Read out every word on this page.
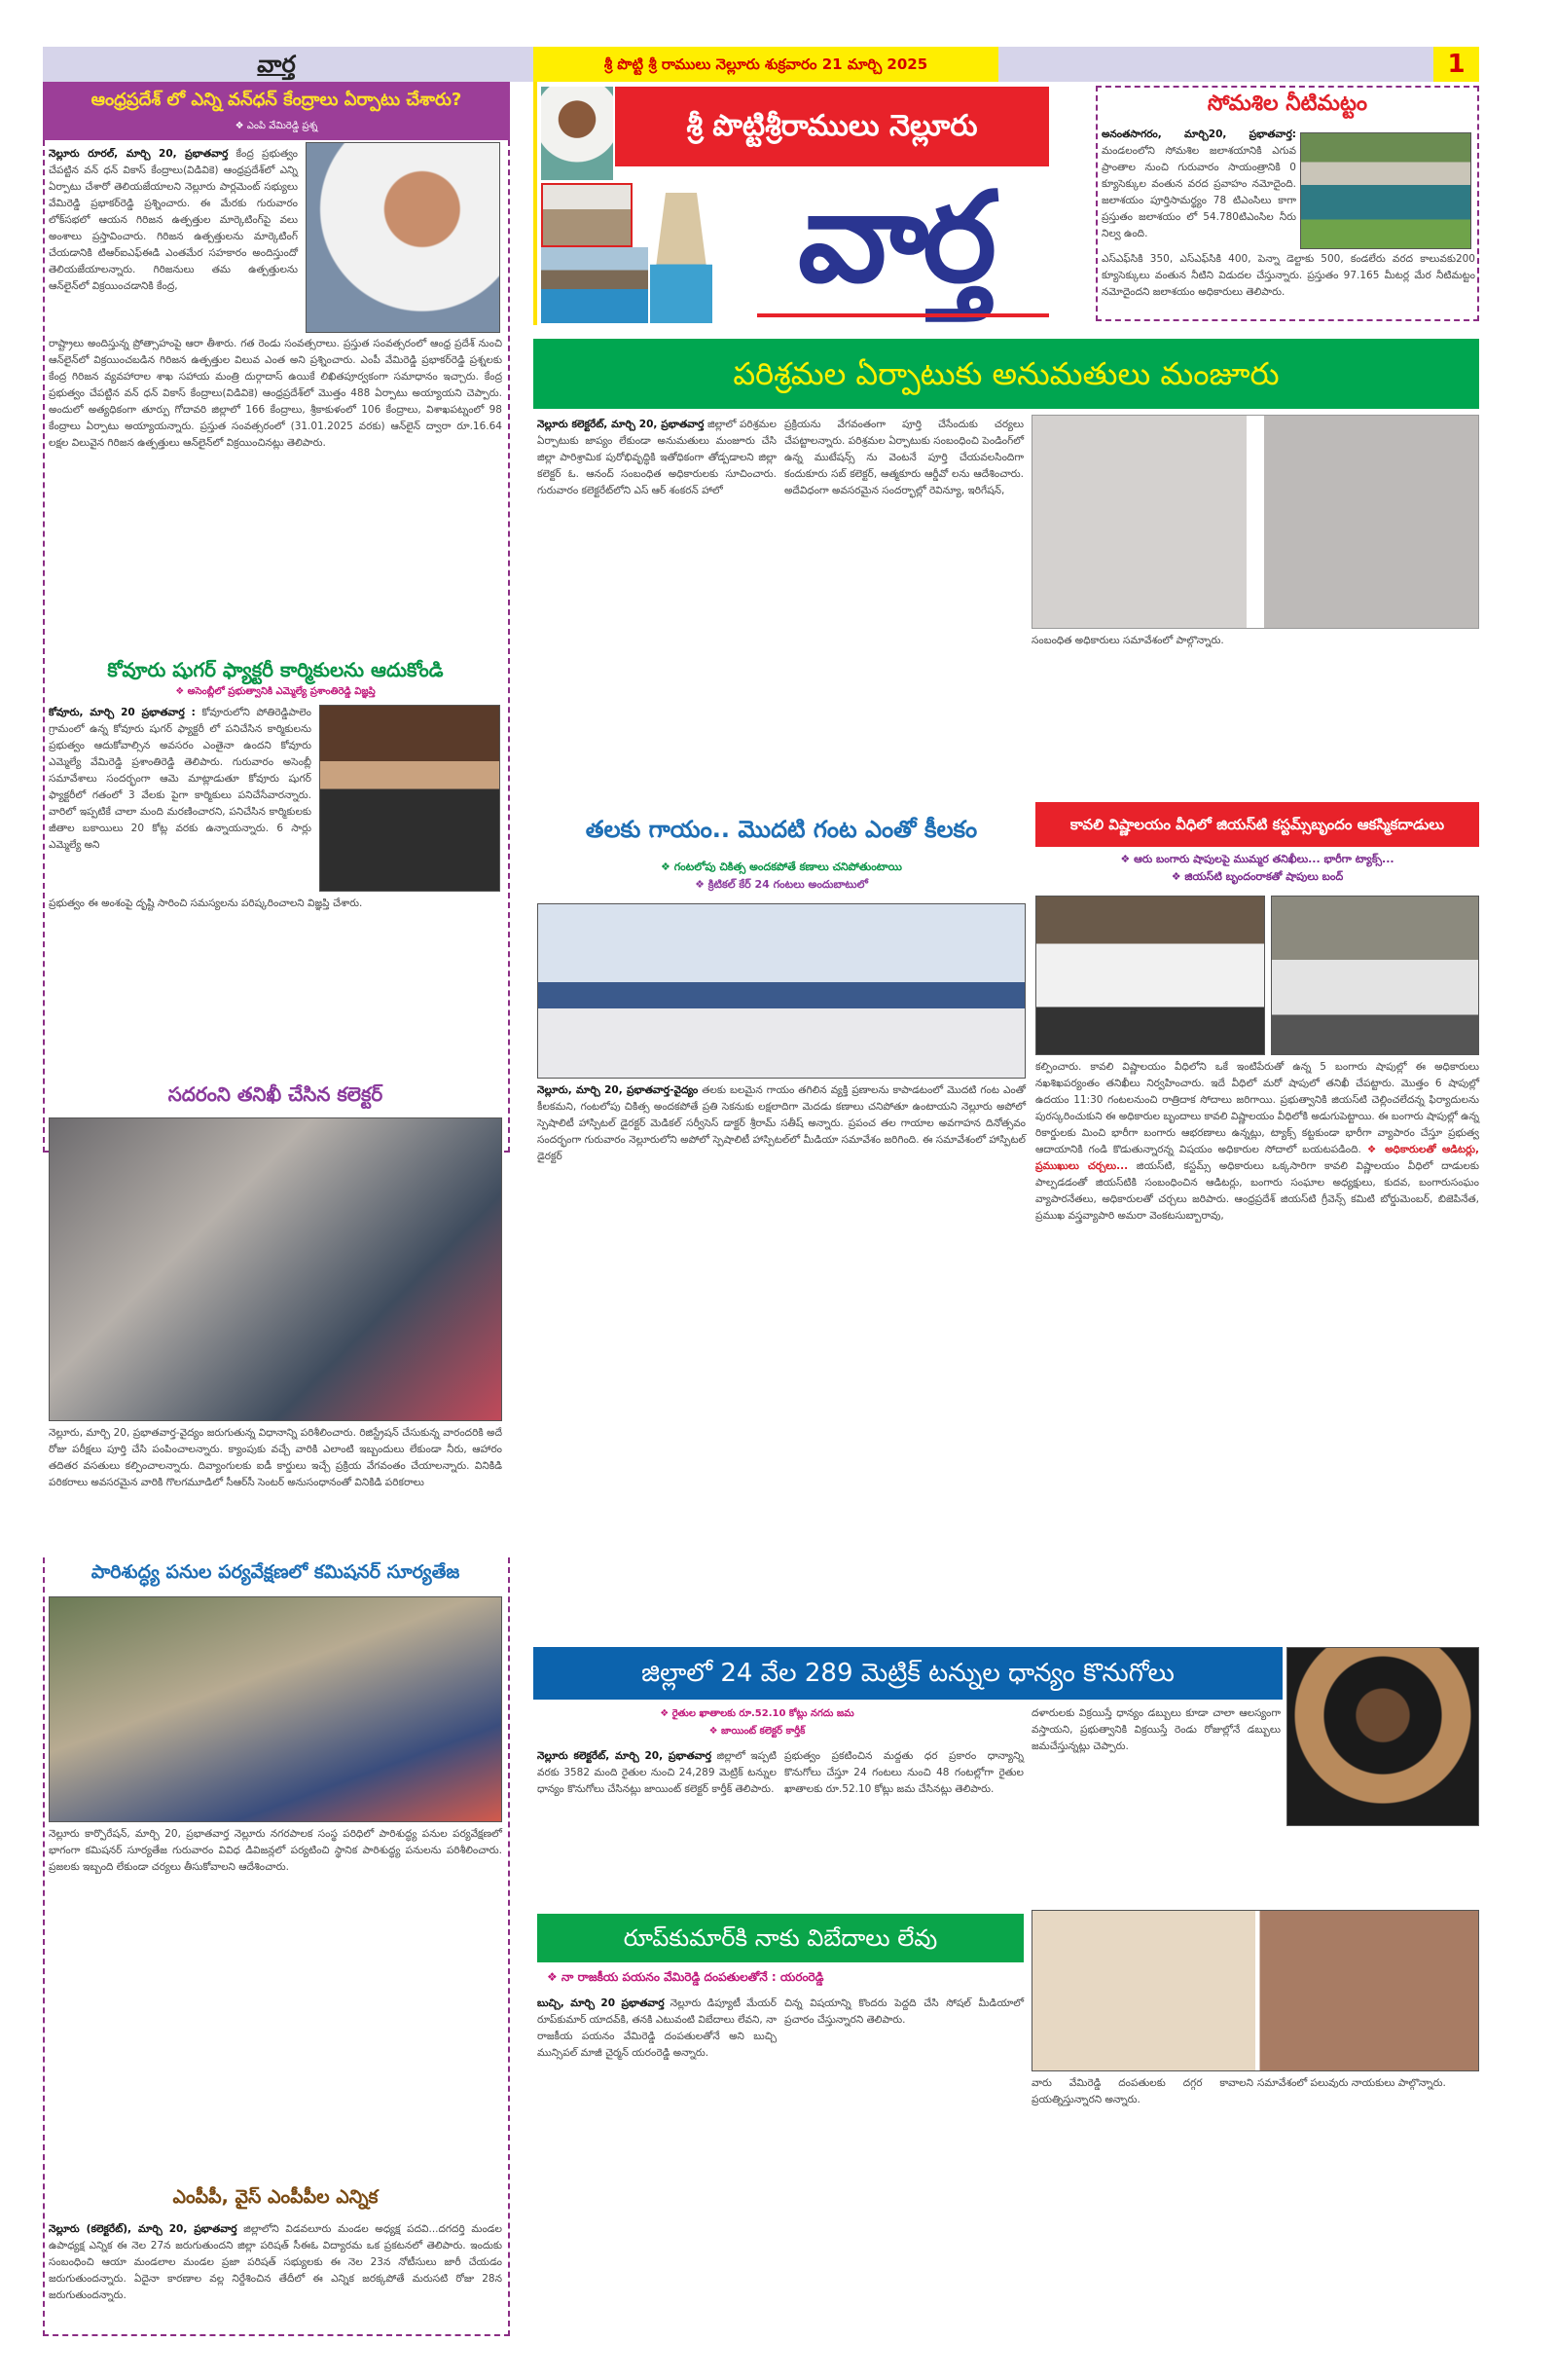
వార్త	శ్రీ పొట్టి శ్రీ రాములు నెల్లూరు శుక్రవారం 21 మార్చి 2025	1
శ్రీ పొట్టిశ్రీరాములు నెల్లూరు
వార్త
ఆంధ్రప్రదేశ్ లో ఎన్ని వన్‌ధన్ కేంద్రాలు ఏర్పాటు చేశారు?
❖ ఎంపి వేమిరెడ్డి ప్రశ్న
నెల్లూరు రూరల్, మార్చి 20, ప్రభాతవార్త కేంద్ర ప్రభుత్వం చేపట్టిన వన్ ధన్ వికాస్ కేంద్రాలు(విడివికె) ఆంధ్రప్రదేశ్‌లో ఎన్ని ఏర్పాటు చేశారో తెలియజేయాలని నెల్లూరు పార్లమెంట్ సభ్యులు వేమిరెడ్డి ప్రభాకర్‌రెడ్డి ప్రశ్నించారు. ఈ మేరకు గురువారం లోక్‌సభలో ఆయన గిరిజన ఉత్పత్తుల మార్కెటింగ్‌పై వలు అంశాలు ప్రస్తావించారు. గిరిజన ఉత్పత్తులను మార్కెటింగ్ చేయడానికి టిఆర్ఐఎఫ్ఈడి ఎంతమేర సహకారం అందిస్తుందో తెలియజేయాలన్నారు. గిరిజనులు తమ ఉత్పత్తులను ఆన్‌లైన్‌లో విక్రయించడానికి కేంద్ర,
రాష్ట్రాలు అందిస్తున్న ప్రోత్సాహంపై ఆరా తీశారు. గత రెండు సంవత్సరాలు. ప్రస్తుత సంవత్సరంలో ఆంధ్ర ప్రదేశ్ నుంచి ఆన్‌లైన్‌లో విక్రయించబడిన గిరిజన ఉత్పత్తుల విలువ ఎంత అని ప్రశ్నించారు. ఎంపీ వేమిరెడ్డి ప్రభాకర్‌రెడ్డి ప్రశ్నలకు కేంద్ర గిరిజన వ్యవహారాల శాఖ సహాయ మంత్రి దుర్గాదాస్ ఉయికే లిఖితపూర్వకంగా సమాధానం ఇచ్చారు. కేంద్ర ప్రభుత్వం చేపట్టిన వన్ ధన్ వికాస్ కేంద్రాలు(విడివికె) ఆంధ్రప్రదేశ్‌లో మొత్తం 488 ఏర్పాటు అయ్యాయని చెప్పారు. అందులో అత్యధికంగా తూర్పు గోదావరి జిల్లాలో 166 కేంద్రాలు, శ్రీకాకుళంలో 106 కేంద్రాలు, విశాఖపట్నంలో 98 కేంద్రాలు ఏర్పాటు అయ్యాయన్నారు. ప్రస్తుత సంవత్సరంలో (31.01.2025 వరకు) ఆన్‌లైన్ ద్వారా రూ.16.64 లక్షల విలువైన గిరిజన ఉత్పత్తులు ఆన్‌లైన్‌లో విక్రయించినట్లు తెలిపారు.
కోవూరు షుగర్ ఫ్యాక్టరీ కార్మికులను ఆదుకోండి
❖ అసెంబ్లీలో ప్రభుత్వానికి ఎమ్మెల్యే ప్రశాంతిరెడ్డి విజ్ఞప్తి
కోవూరు, మార్చి 20 ప్రభాతవార్త : కోవూరులోని పోతిరెడ్డిపాలెం గ్రామంలో ఉన్న కోవూరు షుగర్ ఫ్యాక్టరీ లో పనిచేసిన కార్మికులను ప్రభుత్వం ఆదుకోవాల్సిన అవసరం ఎంతైనా ఉందని కోవూరు ఎమ్మెల్యే వేమిరెడ్డి ప్రశాంతిరెడ్డి తెలిపారు. గురువారం అసెంబ్లీ సమావేశాలు సందర్భంగా ఆమె మాట్లాడుతూ కోవూరు షుగర్ ఫ్యాక్టరీలో గతంలో 3 వేలకు పైగా కార్మికులు పనిచేసేవారన్నారు. వారిలో ఇప్పటికే చాలా మంది మరణించారని, పనిచేసిన కార్మికులకు జీతాల బకాయిలు 20 కోట్ల వరకు ఉన్నాయన్నారు. 6 సార్లు ఎమ్మెల్యే అని
ప్రభుత్వం ఈ అంశంపై దృష్టి సారించి సమస్యలను పరిష్కరించాలని విజ్ఞప్తి చేశారు.
సదరంని తనిఖీ చేసిన కలెక్టర్
నెల్లూరు, మార్చి 20, ప్రభాతవార్త-వైద్యం జరుగుతున్న విధానాన్ని పరిశీలించారు. రిజిస్ట్రేషన్ చేసుకున్న వారందరికి అదే రోజు పరీక్షలు పూర్తి చేసి పంపించాలన్నారు. క్యాంపుకు వచ్చే వారికి ఎలాంటి ఇబ్బందులు లేకుండా నీరు, ఆహారం తదితర వసతులు కల్పించాలన్నారు. దివ్యాంగులకు ఐడీ కార్డులు ఇచ్చే ప్రక్రియ వేగవంతం చేయాలన్నారు. వినికిడి పరికరాలు అవసరమైన వారికి గొలగమూడిలో సీఆర్‌సీ సెంటర్ అనుసంధానంతో వినికిడి పరికరాలు
పారిశుద్ధ్య పనుల పర్యవేక్షణలో కమిషనర్ సూర్యతేజ
నెల్లూరు కార్పొరేషన్, మార్చి 20, ప్రభాతవార్త నెల్లూరు నగరపాలక సంస్థ పరిధిలో పారిశుద్ధ్య పనుల పర్యవేక్షణలో భాగంగా కమిషనర్ సూర్యతేజ గురువారం వివిధ డివిజన్లలో పర్యటించి స్థానిక పారిశుద్ధ్య పనులను పరిశీలించారు. ప్రజలకు ఇబ్బంది లేకుండా చర్యలు తీసుకోవాలని ఆదేశించారు.
ఎంపీపీ, వైస్ ఎంపీపీల ఎన్నిక
నెల్లూరు (కలెక్టరేట్), మార్చి 20, ప్రభాతవార్త జిల్లాలోని విడవలూరు మండల అధ్యక్ష పదవి...దగదర్తి మండల ఉపాధ్యక్ష ఎన్నిక ఈ నెల 27న జరుగుతుందని జిల్లా పరిషత్ సీఈఓ విద్యారమ ఒక ప్రకటనలో తెలిపారు. ఇందుకు సంబంధించి ఆయా మండలాల మండల ప్రజా పరిషత్ సభ్యులకు ఈ నెల 23న నోటీసులు జారీ చేయడం జరుగుతుందన్నారు. ఏదైనా కారణాల వల్ల నిర్దేశించిన తేదీలో ఈ ఎన్నిక జరక్కపోతే మరుసటి రోజు 28న జరుగుతుందన్నారు.
సోమశిల నీటిమట్టం
అనంతసాగరం, మార్చి20, ప్రభాతవార్త: మండలంలోని సోమశిల జలాశయానికి ఎగువ ప్రాంతాల నుంచి గురువారం సాయంత్రానికి 0 క్యూసెక్కుల వంతున వరద ప్రవాహం నమోదైంది. జలాశయం పూర్తిసామర్థ్యం 78 టిఎంసిలు కాగా ప్రస్తుతం జలాశయం లో 54.780టిఎంసిల నీరు నిల్వ ఉంది.
ఎస్‌ఎఫ్‌సికి 350, ఎస్‌ఎఫ్‌సికి 400, పెన్నా డెల్టాకు 500, కండలేరు వరద కాలువకు200 క్యూసెక్కులు వంతున నీటిని విడుదల చేస్తున్నారు. ప్రస్తుతం 97.165 మీటర్ల మేర నీటిమట్టం నమోదైందని జలాశయం అధికారులు తెలిపారు.
పరిశ్రమల ఏర్పాటుకు అనుమతులు మంజూరు
నెల్లూరు కలెక్టరేట్, మార్చి 20, ప్రభాతవార్త జిల్లాలో పరిశ్రమల ఏర్పాటుకు జాప్యం లేకుండా అనుమతులు మంజూరు చేసి జిల్లా పారిశ్రామిక పురోభివృద్ధికి ఇతోధికంగా తోడ్పడాలని జిల్లా కలెక్టర్ ఓ. ఆనంద్ సంబంధిత అధికారులకు సూచించారు. గురువారం కలెక్టరేట్‌లోని ఎస్ ఆర్ శంకరన్ హాలో
ప్రక్రియను వేగవంతంగా పూర్తి చేసేందుకు చర్యలు చేపట్టాలన్నారు. పరిశ్రమల ఏర్పాటుకు సంబంధించి పెండింగ్‌లో ఉన్న ముటేషన్స్ ను వెంటనే పూర్తి చేయవలసిందిగా కందుకూరు సబ్ కలెక్టర్, ఆత్మకూరు ఆర్డీవో లను ఆదేశించారు. అదేవిధంగా అవసరమైన సందర్భాల్లో రెవిన్యూ, ఇరిగేషన్,
సంబంధిత అధికారులు సమావేశంలో పాల్గొన్నారు.
తలకు గాయం.. మొదటి గంట ఎంతో కీలకం
❖ గంటలోపు చికిత్స అందకపోతే కణాలు చనిపోతుంటాయి
❖ క్రిటికల్ కేర్ 24 గంటలు అందుబాటులో
నెల్లూరు, మార్చి 20, ప్రభాతవార్త-వైద్యం తలకు బలమైన గాయం తగిలిన వ్యక్తి ప్రణాలను కాపాడటంలో మొదటి గంట ఎంతో కీలకమని, గంటలోపు చికిత్స అందకపోతే ప్రతి సెకనుకు లక్షలాదిగా మెదడు కణాలు చనిపోతూ ఉంటాయని నెల్లూరు అపోలో స్పెషాలిటీ హాస్పిటల్ డైరక్టర్ మెడికల్ సర్వీసెస్ డాక్టర్ శ్రీరామ్ సతీష్ అన్నారు. ప్రపంచ తల గాయాల అవగాహన దినోత్సవం సందర్భంగా గురువారం నెల్లూరులోని అపోలో స్పెషాలిటీ హాస్పిటల్‌లో మీడియా సమావేశం జరిగింది. ఈ సమావేశంలో హాస్పిటల్ డైరక్టర్
కావలి విష్ణాలయం వీధిలో జియస్‌టి కస్టమ్స్‌బృందం ఆకస్మికదాడులు
❖ ఆరు బంగారు షాపులపై ముమ్మర తనిఖీలు... భారీగా ట్యాక్స్...
❖ జియస్‌టి బృందంరాకతో షాపులు బంద్
కల్పించారు. కావలి విష్ణాలయం వీధిలోని ఒకే ఇంటిపేరుతో ఉన్న 5 బంగారు షాపుల్లో ఈ అధికారులు నఖశిఖపర్యంతం తనిఖీలు నిర్వహించారు. ఇదే వీధిలో మరో షాపులో తనిఖీ చేపట్టారు. మొత్తం 6 షాపుల్లో ఉదయం 11:30 గంటలనుంచి రాత్రిదాక సోదాలు జరిగాయి. ప్రభుత్వానికి జియస్‌టి చెల్లించలేదన్న ఫిర్యాదులను పురస్కరించుకుని ఈ అధికారుల బృందాలు కావలి విష్ణాలయం వీధిలోకి అడుగుపెట్టాయి. ఈ బంగారు షాపుల్లో ఉన్న రికార్డులకు మించి భారీగా బంగారు ఆభరణాలు ఉన్నట్లు, ట్యాక్స్ కట్టకుండా భారీగా వ్యాపారం చేస్తూ ప్రభుత్వ ఆదాయానికి గండి కొడుతున్నారన్న విషయం అధికారుల సోదాలో బయటపడింది. ❖ అధికారులతో ఆడిటర్లు, ప్రముఖులు చర్చలు... జియస్‌టి, కస్టమ్స్ అధికారులు ఒక్కసారిగా కావలి విష్ణాలయం వీధిలో దాడులకు పాల్పడడంతో జియస్‌టికి సంబంధించిన ఆడిటర్లు, బంగారు సంఘాల అధ్యక్షులు, కుదవ, బంగారుసంఘం వ్యాపారనేతలు, అధికారులతో చర్చలు జరిపారు. ఆంధ్రప్రదేశ్ జియస్‌టి గ్రీవెన్స్ కమిటి బోర్డుమెంబర్, బిజెపినేత, ప్రముఖ వస్త్రవ్యాపారి అమరా వెంకటసుబ్బారావు,
జిల్లాలో 24 వేల 289 మెట్రిక్ టన్నుల ధాన్యం కొనుగోలు
❖ రైతుల ఖాతాలకు రూ.52.10 కోట్లు నగదు జమ
❖ జాయింట్ కలెక్టర్ కార్తీక్
నెల్లూరు కలెక్టరేట్, మార్చి 20, ప్రభాతవార్త జిల్లాలో ఇప్పటి వరకు 3582 మంది రైతుల నుంచి 24,289 మెట్రిక్ టన్నుల ధాన్యం కొనుగోలు చేసినట్లు జాయింట్ కలెక్టర్ కార్తీక్ తెలిపారు.
ప్రభుత్వం ప్రకటించిన మద్దతు ధర ప్రకారం ధాన్యాన్ని కొనుగోలు చేస్తూ 24 గంటలు నుంచి 48 గంటల్లోగా రైతుల ఖాతాలకు రూ.52.10 కోట్లు జమ చేసినట్లు తెలిపారు.
దళారులకు విక్రయిస్తే ధాన్యం డబ్బులు కూడా చాలా ఆలస్యంగా వస్తాయని, ప్రభుత్వానికి విక్రయిస్తే రెండు రోజుల్లోనే డబ్బులు జమచేస్తున్నట్లు చెప్పారు.
రూప్‌కుమార్‌కి నాకు విబేదాలు లేవు
❖ నా రాజకీయ పయనం వేమిరెడ్డి దంపతులతోనే : యరంరెడ్డి
బుచ్చి, మార్చి 20 ప్రభాతవార్త నెల్లూరు డిప్యూటీ మేయర్ రూప్‌కుమార్ యాదవ్‌కి, తనకి ఎటువంటి విబేదాలు లేవని, నా రాజకీయ పయనం వేమిరెడ్డి దంపతులతోనే అని బుచ్చి మున్సిపల్ మాజీ చైర్మన్ యరంరెడ్డి అన్నారు.
చిన్న విషయాన్ని కొందరు పెద్దది చేసి సోషల్ మీడియాలో ప్రచారం చేస్తున్నారని తెలిపారు.
వారు వేమిరెడ్డి దంపతులకు దగ్గర కావాలని ప్రయత్నిస్తున్నారని అన్నారు.
సమావేశంలో పలువురు నాయకులు పాల్గొన్నారు.
